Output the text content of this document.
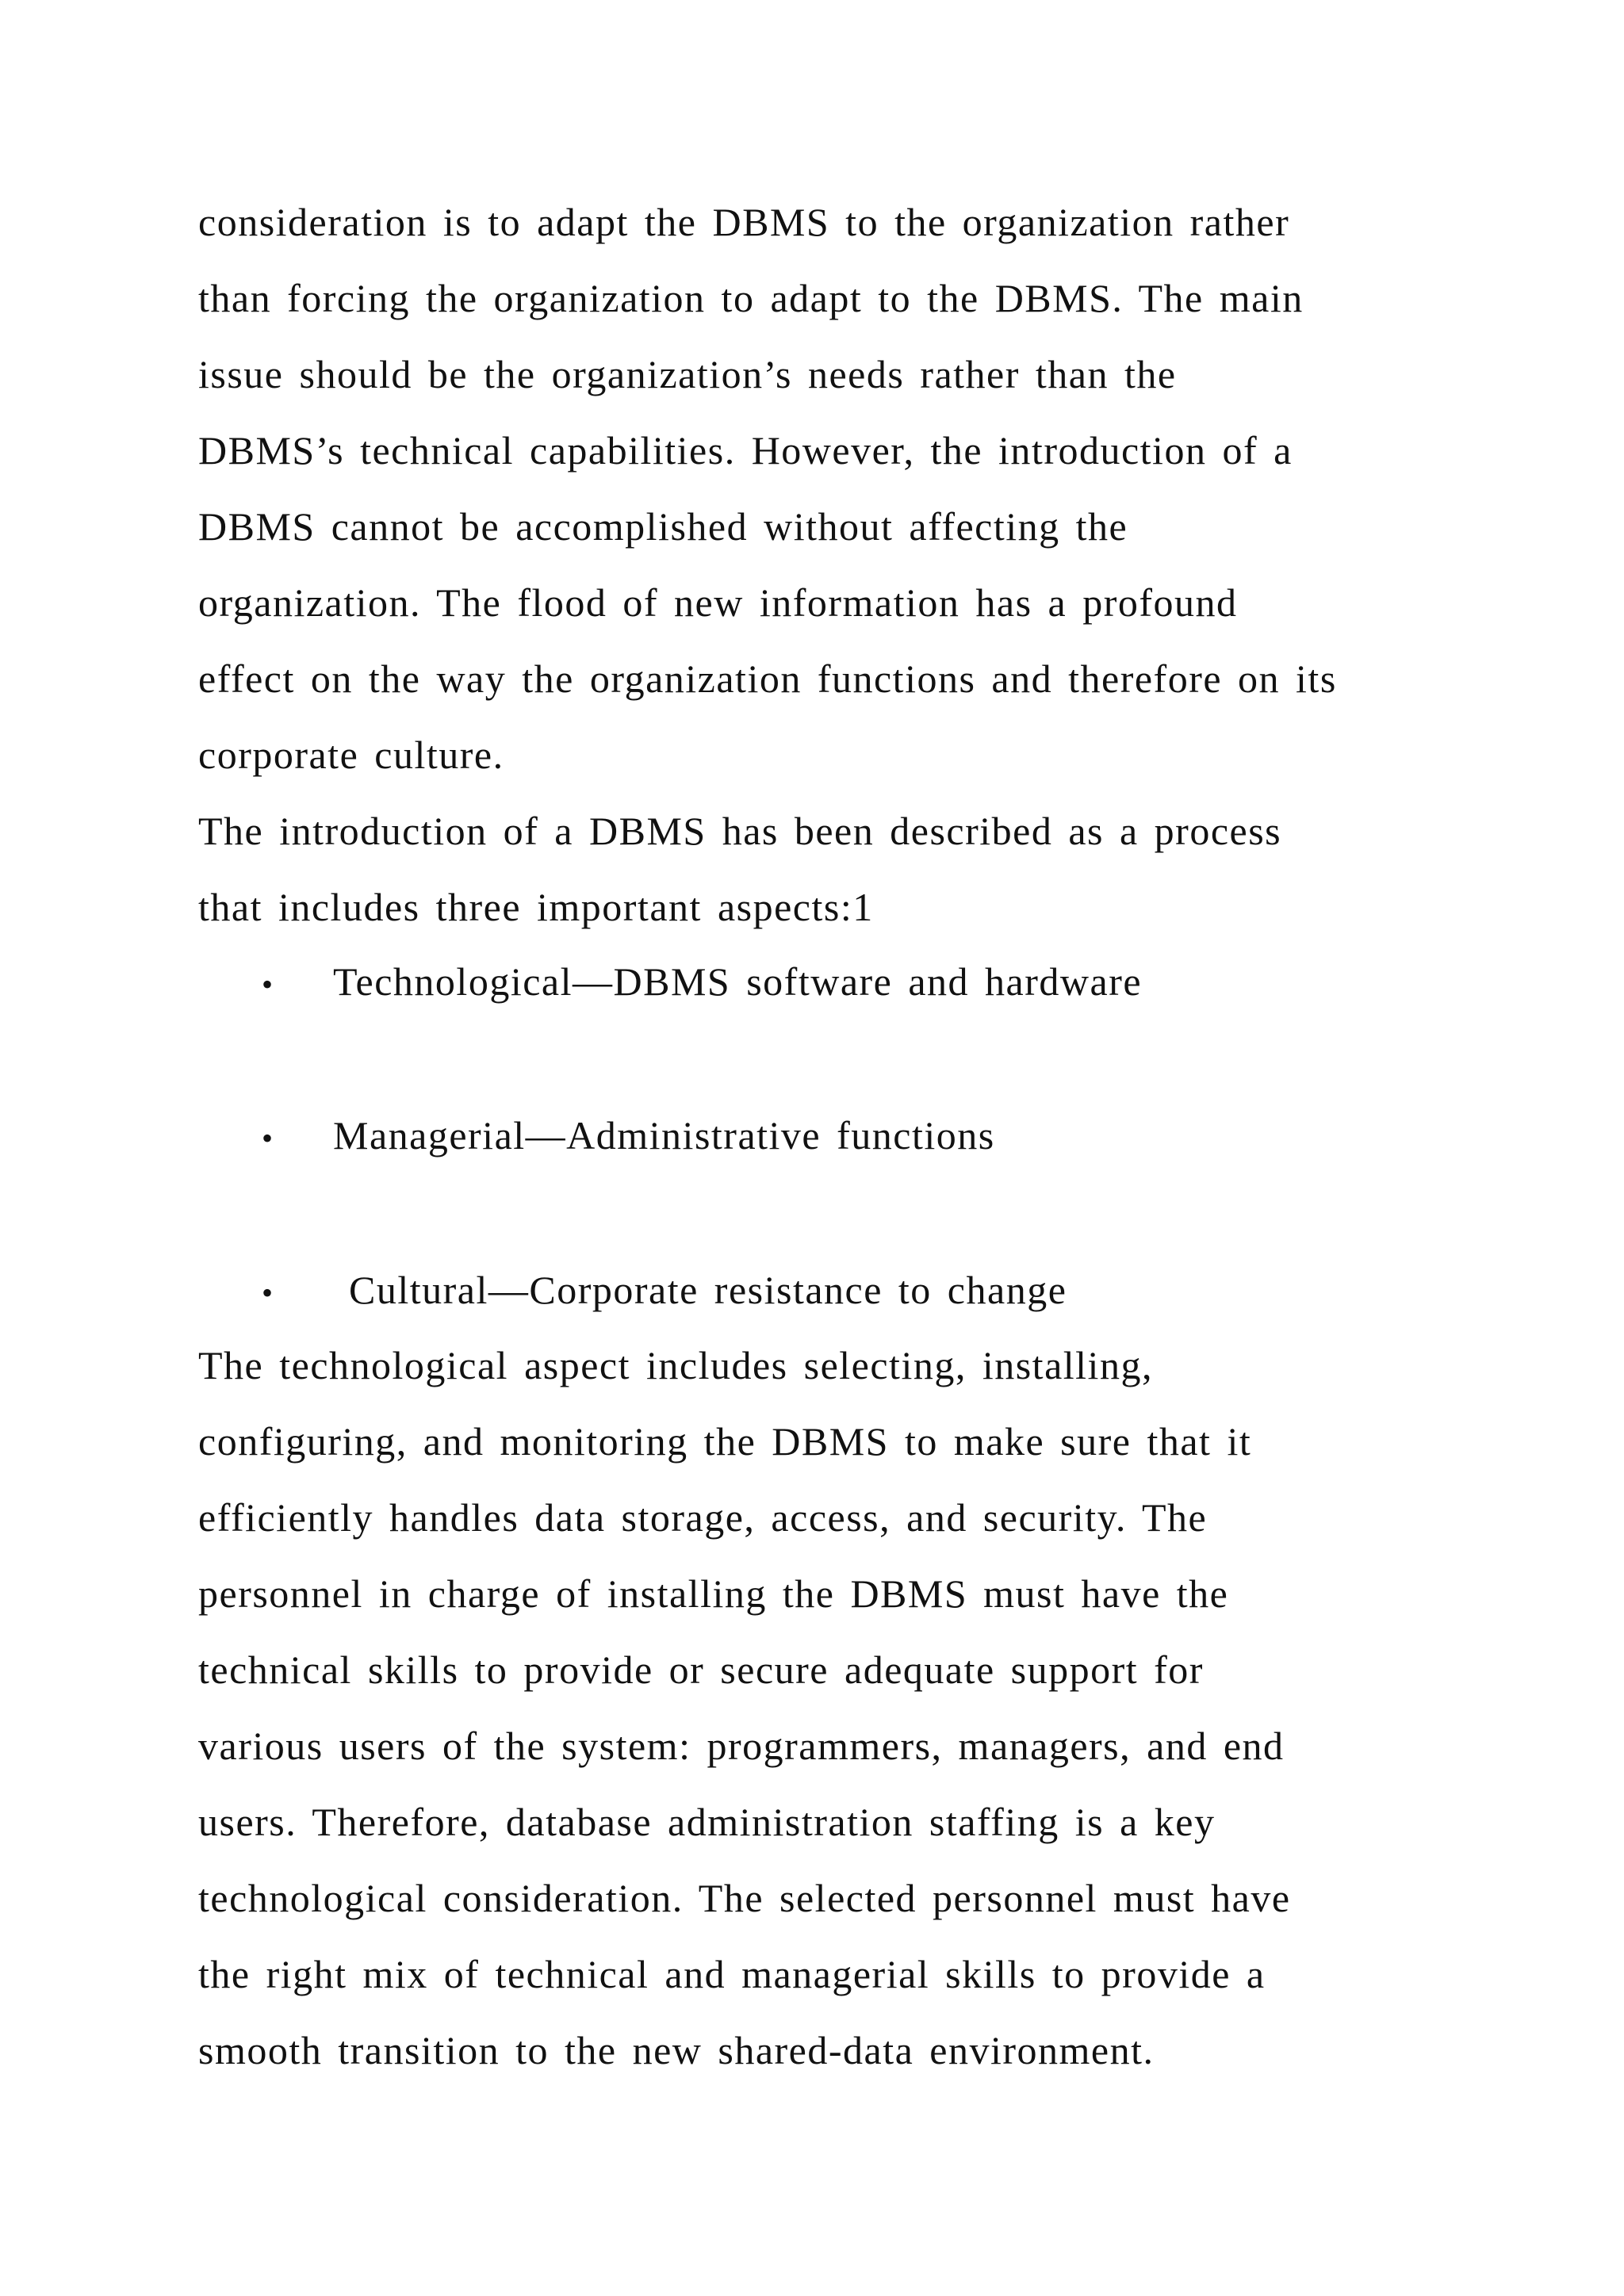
consideration is to adapt the DBMS to the organization rather
than forcing the organization to adapt to the DBMS. The main
issue should be the organization’s needs rather than the
DBMS’s technical capabilities. However, the introduction of a
DBMS cannot be accomplished without affecting the
organization. The flood of new information has a profound
effect on the way the organization functions and therefore on its
corporate culture.
The introduction of a DBMS has been described as a process
that includes three important aspects:1
• Technological—DBMS software and hardware
• Managerial—Administrative functions
• Cultural—Corporate resistance to change
The technological aspect includes selecting, installing,
configuring, and monitoring the DBMS to make sure that it
efficiently handles data storage, access, and security. The
personnel in charge of installing the DBMS must have the
technical skills to provide or secure adequate support for
various users of the system: programmers, managers, and end
users. Therefore, database administration staffing is a key
technological consideration. The selected personnel must have
the right mix of technical and managerial skills to provide a
smooth transition to the new shared-data environment.
